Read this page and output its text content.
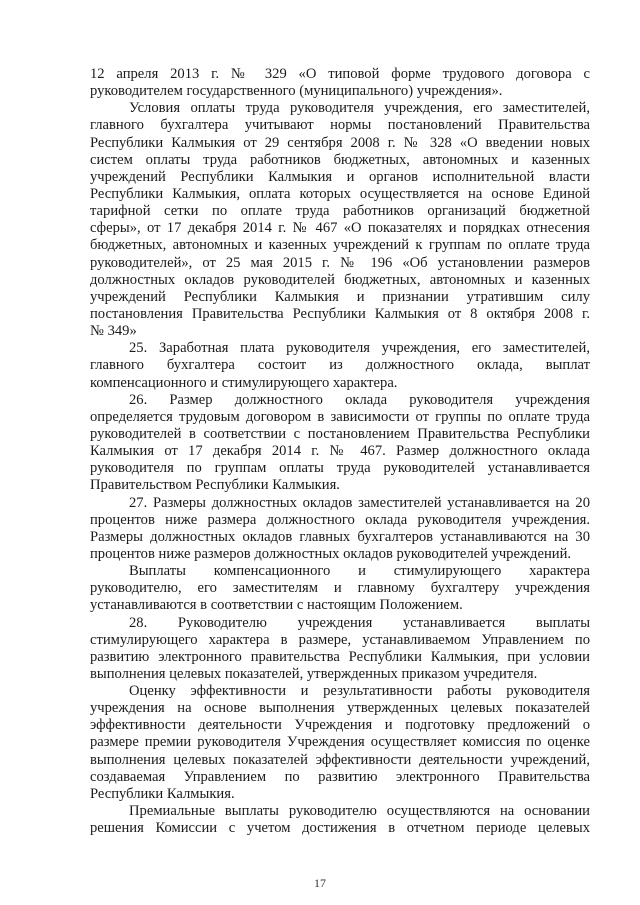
12 апреля 2013 г. № 329 «О типовой форме трудового договора с
руководителем государственного (муниципального) учреждения».
Условия оплаты труда руководителя учреждения, его заместителей,
главного бухгалтера учитывают нормы постановлений Правительства
Республики Калмыкия от 29 сентября 2008 г. № 328 «О введении новых
систем оплаты труда работников бюджетных, автономных и казенных
учреждений Республики Калмыкия и органов исполнительной власти
Республики Калмыкия, оплата которых осуществляется на основе Единой
тарифной сетки по оплате труда работников организаций бюджетной
сферы», от 17 декабря 2014 г. № 467 «О показателях и порядках отнесения
бюджетных, автономных и казенных учреждений к группам по оплате труда
руководителей», от 25 мая 2015 г. № 196 «Об установлении размеров
должностных окладов руководителей бюджетных, автономных и казенных
учреждений Республики Калмыкия и признании утратившим силу
постановления Правительства Республики Калмыкия от 8 октября 2008 г.
№ 349»
25. Заработная плата руководителя учреждения, его заместителей,
главного бухгалтера состоит из должностного оклада, выплат
компенсационного и стимулирующего характера.
26. Размер должностного оклада руководителя учреждения
определяется трудовым договором в зависимости от группы по оплате труда
руководителей в соответствии с постановлением Правительства Республики
Калмыкия от 17 декабря 2014 г. № 467. Размер должностного оклада
руководителя по группам оплаты труда руководителей устанавливается
Правительством Республики Калмыкия.
27. Размеры должностных окладов заместителей устанавливается на 20
процентов ниже размера должностного оклада руководителя учреждения.
Размеры должностных окладов главных бухгалтеров устанавливаются на 30
процентов ниже размеров должностных окладов руководителей учреждений.
Выплаты компенсационного и стимулирующего характера
руководителю, его заместителям и главному бухгалтеру учреждения
устанавливаются в соответствии с настоящим Положением.
28. Руководителю учреждения устанавливается выплаты
стимулирующего характера в размере, устанавливаемом Управлением по
развитию электронного правительства Республики Калмыкия, при условии
выполнения целевых показателей, утвержденных приказом учредителя.
Оценку эффективности и результативности работы руководителя
учреждения на основе выполнения утвержденных целевых показателей
эффективности деятельности Учреждения и подготовку предложений о
размере премии руководителя Учреждения осуществляет комиссия по оценке
выполнения целевых показателей эффективности деятельности учреждений,
создаваемая Управлением по развитию электронного Правительства
Республики Калмыкия.
Премиальные выплаты руководителю осуществляются на основании
решения Комиссии с учетом достижения в отчетном периоде целевых
17
